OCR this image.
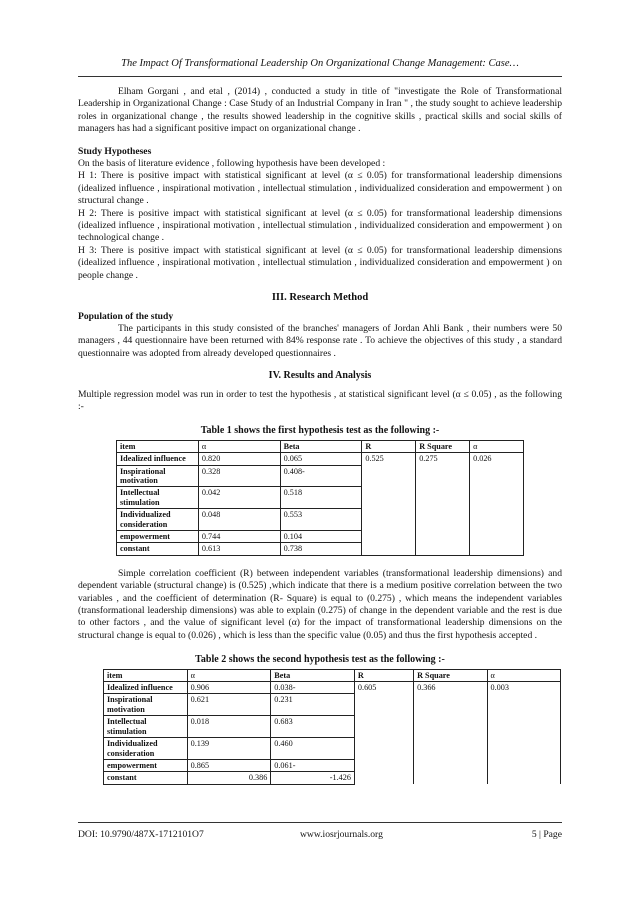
The Impact Of Transformational Leadership On Organizational Change Management: Case…

Elham Gorgani , and etal , (2014) , conducted a study in title of "investigate the Role of Transformational Leadership in Organizational Change : Case Study of an Industrial Company in Iran " , the study sought to achieve leadership roles in organizational change , the results showed leadership in the cognitive skills , practical skills and social skills of managers has had a significant positive impact on organizational change .

Study Hypotheses

On the basis of literature evidence , following hypothesis have been developed :

H 1: There is positive impact with statistical significant at level (α ≤ 0.05) for transformational leadership dimensions (idealized influence , inspirational motivation , intellectual stimulation , individualized consideration and empowerment ) on structural change .

H 2: There is positive impact with statistical significant at level (α ≤ 0.05) for transformational leadership dimensions (idealized influence , inspirational motivation , intellectual stimulation , individualized consideration and empowerment ) on technological change .

H 3: There is positive impact with statistical significant at level (α ≤ 0.05) for transformational leadership dimensions (idealized influence , inspirational motivation , intellectual stimulation , individualized consideration and empowerment ) on people change .

III. Research Method

Population of the study

The participants in this study consisted of the branches' managers of Jordan Ahli Bank , their numbers were 50 managers , 44 questionnaire have been returned with 84% response rate . To achieve the objectives of this study , a standard questionnaire was adopted from already developed questionnaires .

IV. Results and Analysis

Multiple regression model was run in order to test the hypothesis , at statistical significant level (α ≤ 0.05) , as the following :-

Table 1 shows the first hypothesis test as the following :-
item	α	Beta	R	R Square	α
Idealized influence	0.820	0.065	0.525	0.275	0.026
Inspirational motivation	0.328	0.408-			
Intellectual stimulation	0.042	0.518			
Individualized consideration	0.048	0.553			
empowerment	0.744	0.104			
constant	0.613	0.738			

Simple correlation coefficient (R) between independent variables (transformational leadership dimensions) and dependent variable (structural change) is (0.525) ,which indicate that there is a medium positive correlation between the two variables , and the coefficient of determination (R- Square) is equal to (0.275) , which means the independent variables (transformational leadership dimensions) was able to explain (0.275) of change in the dependent variable and the rest is due to other factors , and the value of significant level (α) for the impact of transformational leadership dimensions on the structural change is equal to (0.026) , which is less than the specific value (0.05) and thus the first hypothesis accepted .

Table 2 shows the second hypothesis test as the following :-
item	α	Beta	R	R Square	α
Idealized influence	0.906	0.038-	0.605	0.366	0.003
Inspirational motivation	0.621	0.231			
Intellectual stimulation	0.018	0.683			
Individualized consideration	0.139	0.460			
empowerment	0.865	0.061-			
constant	0.386	-1.426			
DOI: 10.9790/487X-1712101O7	www.iosrjournals.org	5 | Page
